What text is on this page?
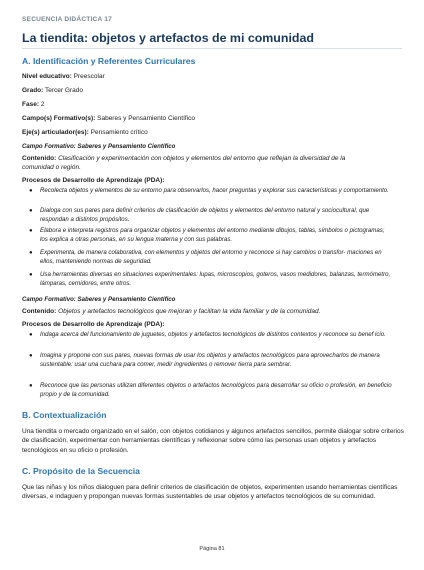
SECUENCIA DIDÁCTICA 17
La tiendita: objetos y artefactos de mi comunidad
A. Identificación y Referentes Curriculares
Nivel educativo: Preescolar
Grado: Tercer Grado
Fase: 2
Campo(s) Formativo(s): Saberes y Pensamiento Científico
Eje(s) articulador(es): Pensamiento crítico
Campo Formativo: Saberes y Pensamiento Científico
Contenido: Clasificación y experimentación con objetos y elementos del entorno que reflejan la diversidad de la
comunidad o región.
Procesos de Desarrollo de Aprendizaje (PDA):
● Recolecta objetos y elementos de su entorno para observarlos, hacer preguntas y explorar sus características y comportamiento.
● Dialoga con sus pares para definir criterios de clasificación de objetos y elementos del entorno natural y sociocultural, que respondan a distintos propósitos.
● Elabora e interpreta registros para organizar objetos y elementos del entorno mediante dibujos, tablas, símbolos o pictogramas; los explica a otras personas, en su lengua materna y con sus palabras.
● Experimenta, de manera colaborativa, con elementos y objetos del entorno y reconoce si hay cambios o transfor- maciones en ellos, manteniendo normas de seguridad.
● Usa herramientas diversas en situaciones experimentales: lupas, microscopios, goteros, vasos medidores, balanzas, termómetro, lámparas, cernidores, entre otros.
Campo Formativo: Saberes y Pensamiento Científico
Contenido: Objetos y artefactos tecnológicos que mejoran y facilitan la vida familiar y de la comunidad.
Procesos de Desarrollo de Aprendizaje (PDA):
● Indaga acerca del funcionamiento de juguetes, objetos y artefactos tecnológicos de distintos contextos y reconoce su benef icio.
● Imagina y propone con sus pares, nuevas formas de usar los objetos y artefactos tecnológicos para aprovecharlos de manera sustentable: usar una cuchara para comer, medir ingredientes o remover tierra para sembrar.
● Reconoce que las personas utilizan diferentes objetos o artefactos tecnológicos para desarrollar su oficio o profesión, en beneficio propio y de la comunidad.
B. Contextualización
Una tiendita o mercado organizado en el salón, con objetos cotidianos y algunos artefactos sencillos, permite dialogar sobre criterios de clasificación, experimentar con herramientas científicas y reflexionar sobre cómo las personas usan objetos y artefactos tecnológicos en su oficio o profesión.
C. Propósito de la Secuencia
Que las niñas y los niños dialoguen para definir criterios de clasificación de objetos, experimenten usando herramientas científicas diversas, e indaguen y propongan nuevas formas sustentables de usar objetos y artefactos tecnológicos de su comunidad.
Página 81
